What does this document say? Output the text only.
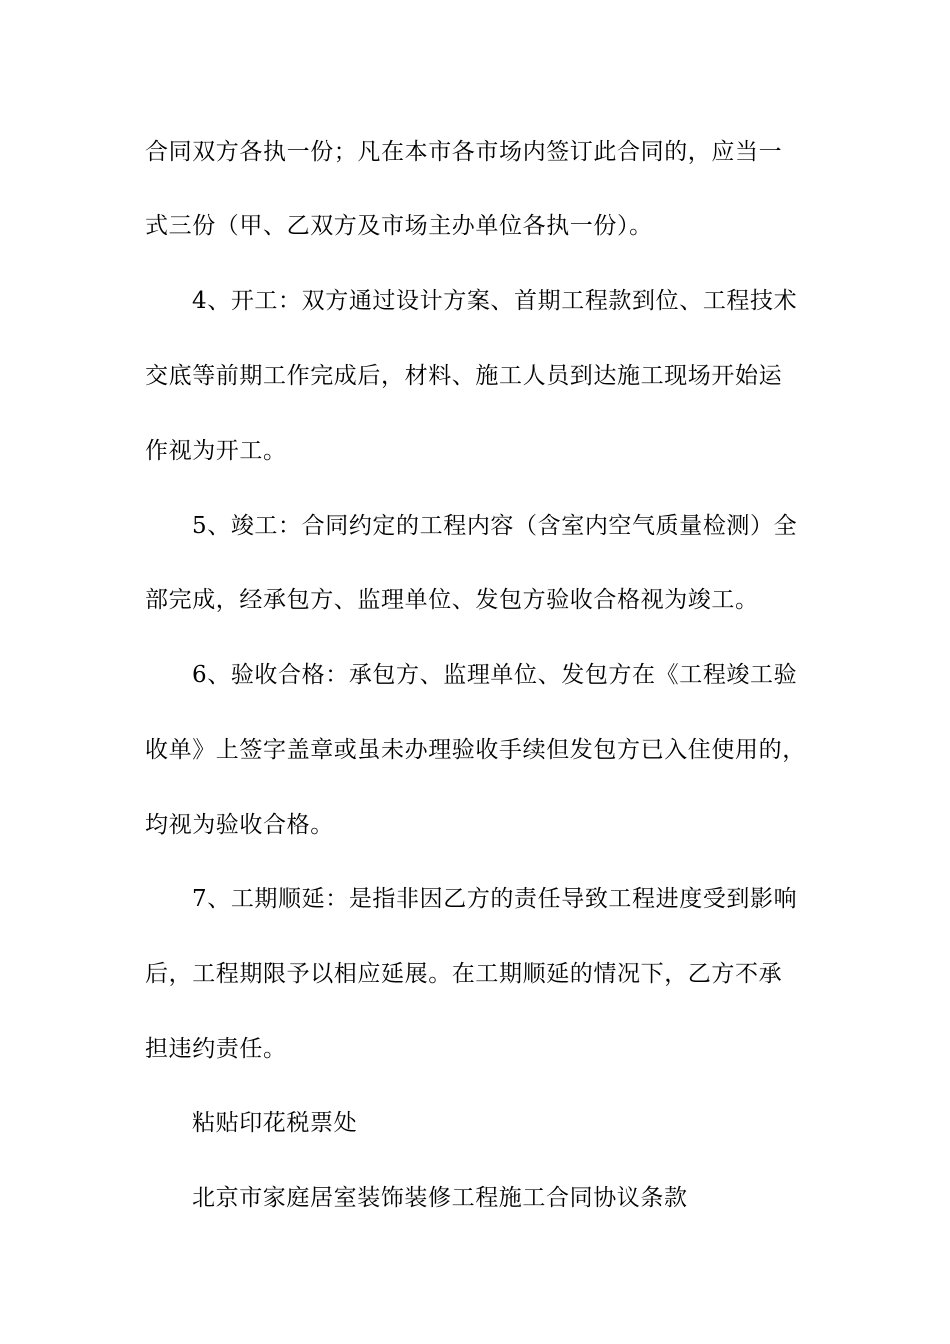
合同双方各执一份；凡在本市各市场内签订此合同的，应当一
式三份（甲、乙双方及市场主办单位各执一份）。
4、开工：双方通过设计方案、首期工程款到位、工程技术
交底等前期工作完成后，材料、施工人员到达施工现场开始运
作视为开工。
5、竣工：合同约定的工程内容（含室内空气质量检测）全
部完成，经承包方、监理单位、发包方验收合格视为竣工。
6、验收合格：承包方、监理单位、发包方在《工程竣工验
收单》上签字盖章或虽未办理验收手续但发包方已入住使用的，
均视为验收合格。
7、工期顺延：是指非因乙方的责任导致工程进度受到影响
后，工程期限予以相应延展。在工期顺延的情况下，乙方不承
担违约责任。
粘贴印花税票处
北京市家庭居室装饰装修工程施工合同协议条款
